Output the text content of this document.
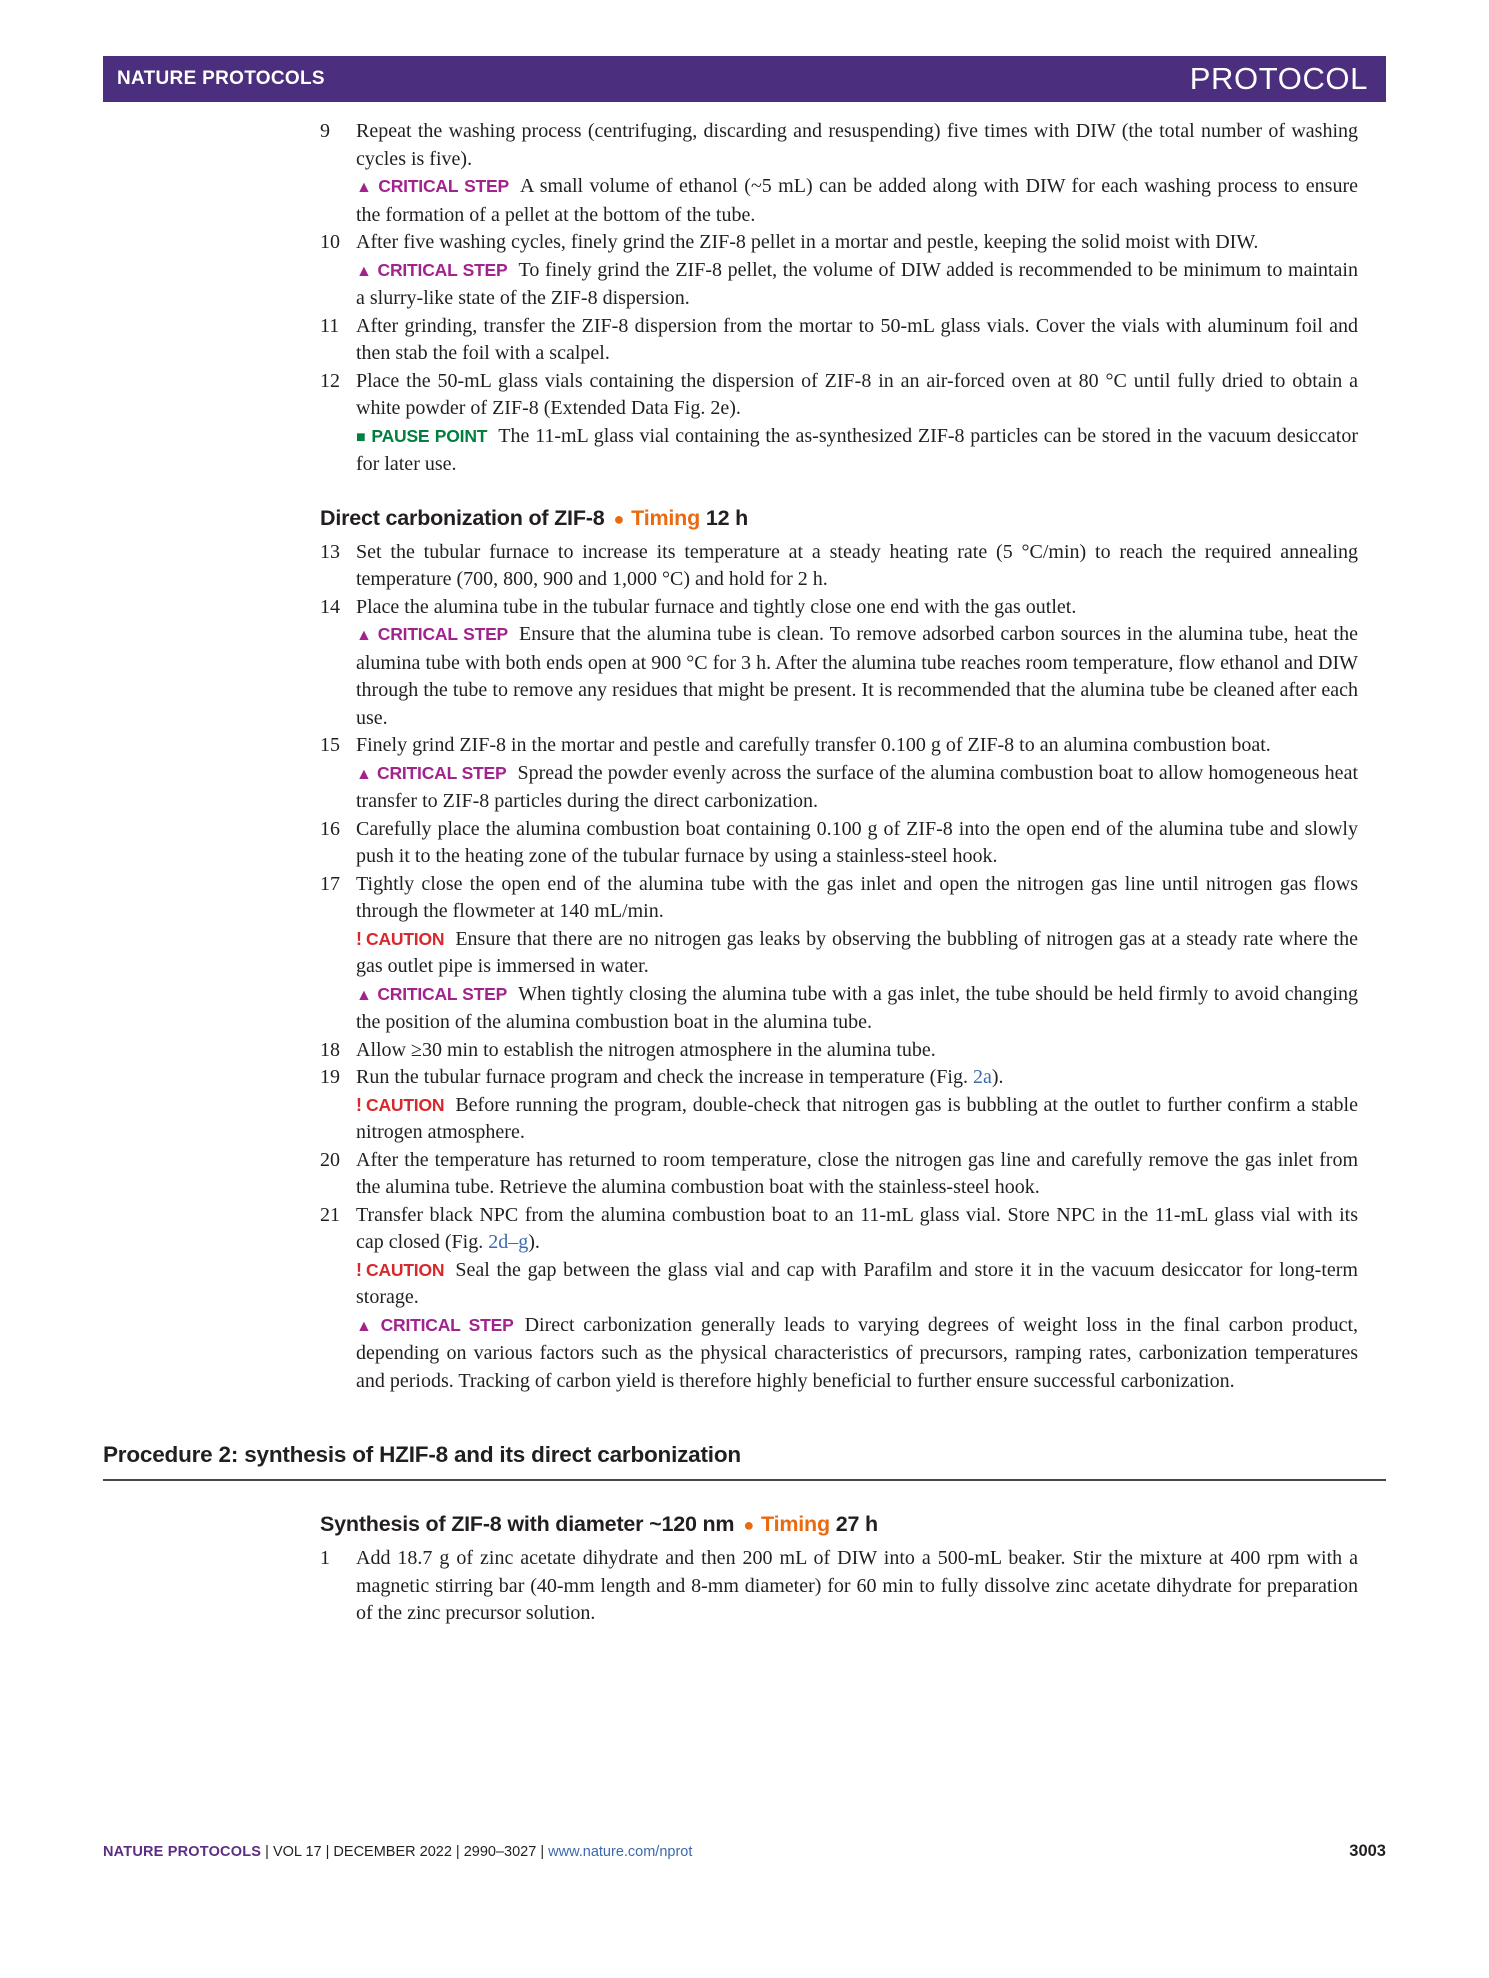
NATURE PROTOCOLS	PROTOCOL
9	Repeat the washing process (centrifuging, discarding and resuspending) five times with DIW (the total number of washing cycles is five).

▲ CRITICAL STEP A small volume of ethanol (~5 mL) can be added along with DIW for each washing process to ensure the formation of a pellet at the bottom of the tube.

10 After five washing cycles, finely grind the ZIF-8 pellet in a mortar and pestle, keeping the solid moist with DIW.

▲ CRITICAL STEP To finely grind the ZIF-8 pellet, the volume of DIW added is recommended to be minimum to maintain a slurry-like state of the ZIF-8 dispersion.

11 After grinding, transfer the ZIF-8 dispersion from the mortar to 50-mL glass vials. Cover the vials with aluminum foil and then stab the foil with a scalpel.

12 Place the 50-mL glass vials containing the dispersion of ZIF-8 in an air-forced oven at 80 °C until fully dried to obtain a white powder of ZIF-8 (Extended Data Fig. 2e).

■ PAUSE POINT The 11-mL glass vial containing the as-synthesized ZIF-8 particles can be stored in the vacuum desiccator for later use.

Direct carbonization of ZIF-8 ● Timing 12 h
13 Set the tubular furnace to increase its temperature at a steady heating rate (5 °C/min) to reach the required annealing temperature (700, 800, 900 and 1,000 °C) and hold for 2 h.

14 Place the alumina tube in the tubular furnace and tightly close one end with the gas outlet.

▲ CRITICAL STEP Ensure that the alumina tube is clean. To remove adsorbed carbon sources in the alumina tube, heat the alumina tube with both ends open at 900 °C for 3 h. After the alumina tube reaches room temperature, flow ethanol and DIW through the tube to remove any residues that might be present. It is recommended that the alumina tube be cleaned after each use.

15 Finely grind ZIF-8 in the mortar and pestle and carefully transfer 0.100 g of ZIF-8 to an alumina combustion boat.

▲ CRITICAL STEP Spread the powder evenly across the surface of the alumina combustion boat to allow homogeneous heat transfer to ZIF-8 particles during the direct carbonization.

16 Carefully place the alumina combustion boat containing 0.100 g of ZIF-8 into the open end of the alumina tube and slowly push it to the heating zone of the tubular furnace by using a stainless-steel hook.

17 Tightly close the open end of the alumina tube with the gas inlet and open the nitrogen gas line until nitrogen gas flows through the flowmeter at 140 mL/min.

! CAUTION Ensure that there are no nitrogen gas leaks by observing the bubbling of nitrogen gas at a steady rate where the gas outlet pipe is immersed in water.

▲ CRITICAL STEP When tightly closing the alumina tube with a gas inlet, the tube should be held firmly to avoid changing the position of the alumina combustion boat in the alumina tube.

18 Allow ≥30 min to establish the nitrogen atmosphere in the alumina tube.

19 Run the tubular furnace program and check the increase in temperature (Fig. 2a).

! CAUTION Before running the program, double-check that nitrogen gas is bubbling at the outlet to further confirm a stable nitrogen atmosphere.

20 After the temperature has returned to room temperature, close the nitrogen gas line and carefully remove the gas inlet from the alumina tube. Retrieve the alumina combustion boat with the stainless-steel hook.

21 Transfer black NPC from the alumina combustion boat to an 11-mL glass vial. Store NPC in the 11-mL glass vial with its cap closed (Fig. 2d–g).

! CAUTION Seal the gap between the glass vial and cap with Parafilm and store it in the vacuum desiccator for long-term storage.

▲ CRITICAL STEP Direct carbonization generally leads to varying degrees of weight loss in the final carbon product, depending on various factors such as the physical characteristics of precursors, ramping rates, carbonization temperatures and periods. Tracking of carbon yield is therefore highly beneficial to further ensure successful carbonization.

Procedure 2: synthesis of HZIF-8 and its direct carbonization
Synthesis of ZIF-8 with diameter ~120 nm ● Timing 27 h
1	Add 18.7 g of zinc acetate dihydrate and then 200 mL of DIW into a 500-mL beaker. Stir the mixture at 400 rpm with a magnetic stirring bar (40-mm length and 8-mm diameter) for 60 min to fully dissolve zinc acetate dihydrate for preparation of the zinc precursor solution.

NATURE PROTOCOLS | VOL 17 | DECEMBER 2022 | 2990–3027 | www.nature.com/nprot	3003
